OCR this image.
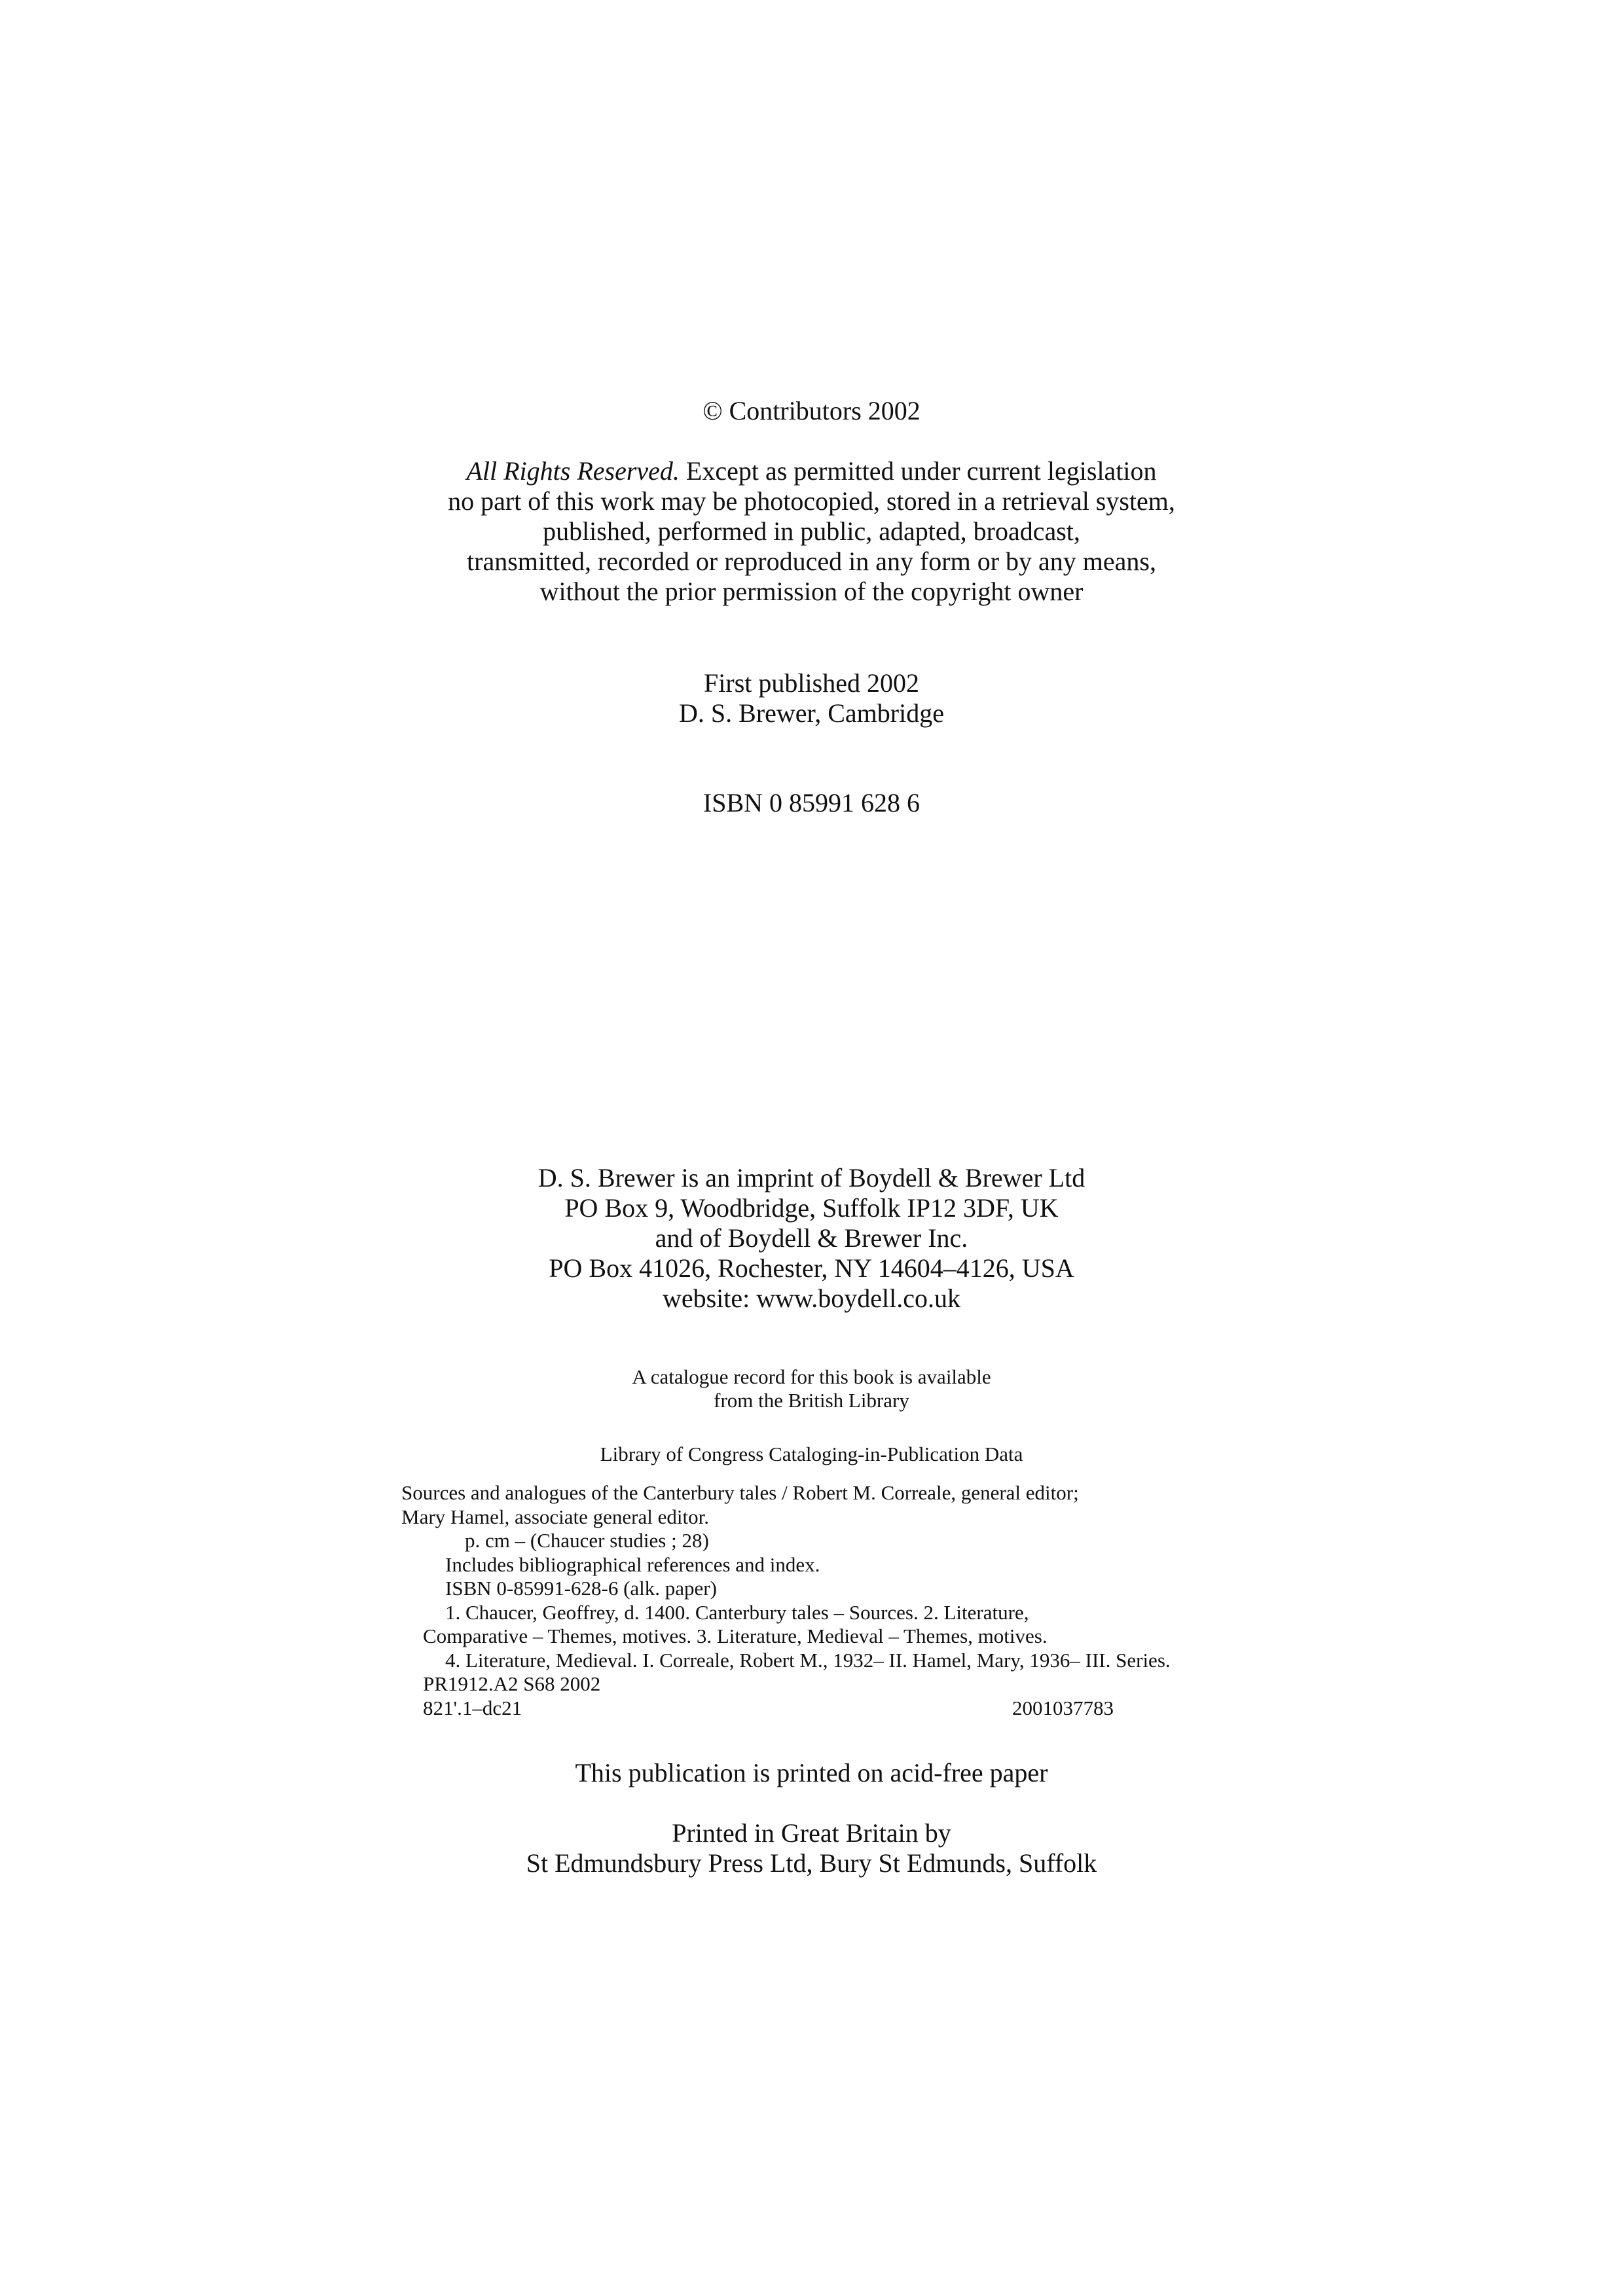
© Contributors 2002
All Rights Reserved. Except as permitted under current legislation
no part of this work may be photocopied, stored in a retrieval system,
published, performed in public, adapted, broadcast,
transmitted, recorded or reproduced in any form or by any means,
without the prior permission of the copyright owner
First published 2002
D. S. Brewer, Cambridge
ISBN 0 85991 628 6
D. S. Brewer is an imprint of Boydell & Brewer Ltd
PO Box 9, Woodbridge, Suffolk IP12 3DF, UK
and of Boydell & Brewer Inc.
PO Box 41026, Rochester, NY 14604–4126, USA
website: www.boydell.co.uk
A catalogue record for this book is available
from the British Library
Library of Congress Cataloging-in-Publication Data
Sources and analogues of the Canterbury tales / Robert M. Correale, general editor;
Mary Hamel, associate general editor.
p. cm – (Chaucer studies ; 28)
Includes bibliographical references and index.
ISBN 0-85991-628-6 (alk. paper)
1. Chaucer, Geoffrey, d. 1400. Canterbury tales – Sources. 2. Literature,
Comparative – Themes, motives. 3. Literature, Medieval – Themes, motives.
4. Literature, Medieval. I. Correale, Robert M., 1932– II. Hamel, Mary, 1936– III. Series.
PR1912.A2 S68 2002
821'.1–dc21	2001037783
This publication is printed on acid-free paper
Printed in Great Britain by
St Edmundsbury Press Ltd, Bury St Edmunds, Suffolk
